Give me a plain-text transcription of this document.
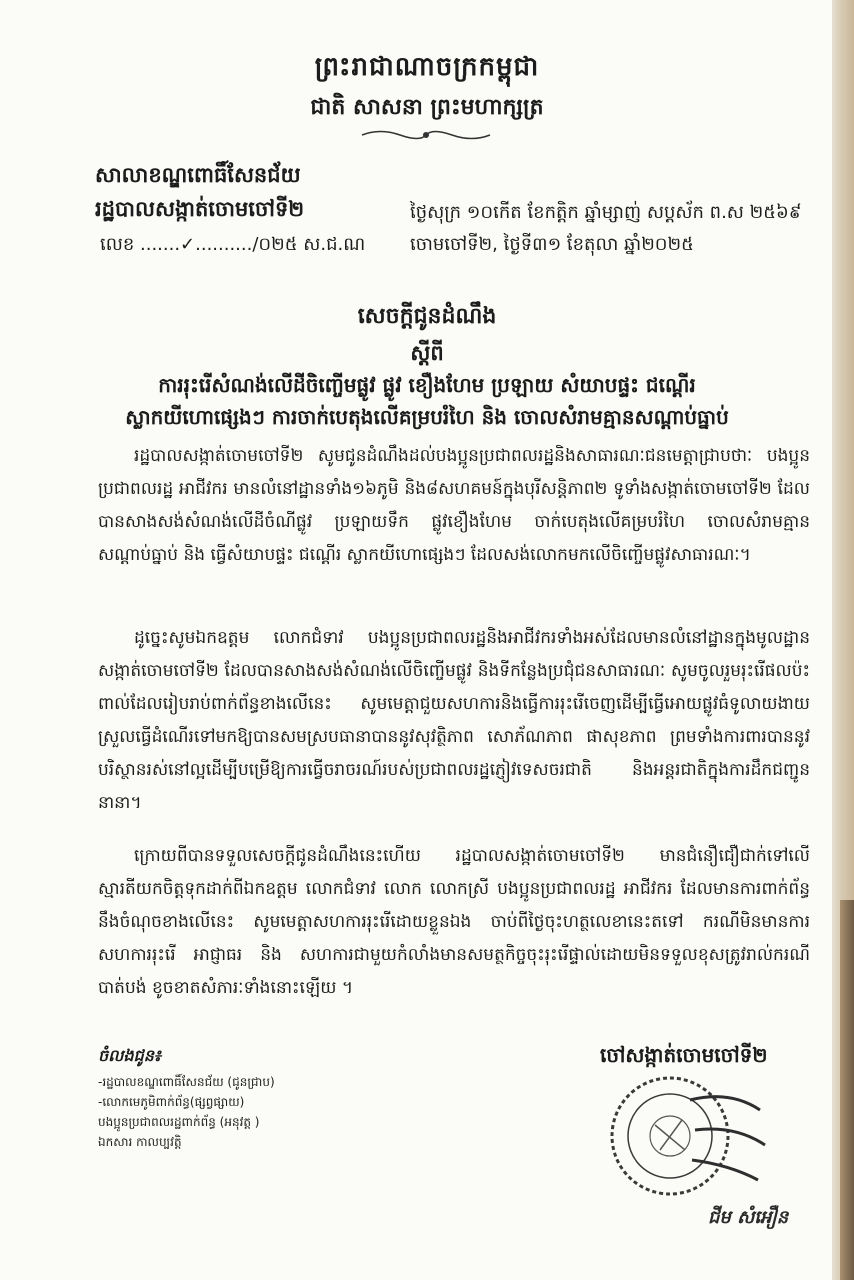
ព្រះរាជាណាចក្រកម្ពុជា
ជាតិ សាសនា ព្រះមហាក្សត្រ
សាលាខណ្ឌពោធិ៍សែនជ័យ
រដ្ឋបាលសង្កាត់ចោមចៅទី២
លេខ .......✓........../០២៥ ស.ជ.ណ
ថ្ងៃសុក្រ ១០កើត ខែកត្ដិក ឆ្នាំម្សាញ់ សប្តស័ក ព.ស ២៥៦៩
ចោមចៅទី២, ថ្ងៃទី៣១ ខែតុលា ឆ្នាំ២០២៥
សេចក្តីជូនដំណឹង
ស្តីពី
ការរុះរើសំណង់លើដីចិញ្ចើមផ្លូវ ផ្លូវ ខឿងហែម ប្រឡាយ សំយាបផ្ទះ ជណ្តើរ
ស្លាកយីហោផ្សេងៗ ការចាក់បេតុងលើគម្របរំហៃ និង ចោលសំរាមគ្មានសណ្តាប់ធ្នាប់
រដ្ឋបាលសង្កាត់ចោមចៅទី២ សូមជូនដំណឹងដល់បងប្អូនប្រជាពលរដ្ឋនិងសាធារណៈជនមេត្តាជ្រាបថាៈ បងប្អូនប្រជាពលរដ្ឋ អាជីវករ មានលំនៅដ្ឋានទាំង១៦ភូមិ និង៨សហគមន៍ក្នុងបុរីសន្តិភាព២ ទូទាំងសង្កាត់ចោមចៅទី២ ដែលបានសាងសង់សំណង់លើដីចំណីផ្លូវ ប្រឡាយទឹក ផ្លូវខឿងហែម ចាក់បេតុងលើគម្របរំហៃ ចោលសំរាមគ្មានសណ្តាប់ធ្នាប់ និង ធ្វើសំយាបផ្ទះ ជណ្តើរ ស្លាកយីហោផ្សេងៗ ដែលសង់លោកមកលើចិញ្ចើមផ្លូវសាធារណៈ។
ដូច្នេះសូមឯកឧត្តម លោកជំទាវ បងប្អូនប្រជាពលរដ្ឋនិងអាជីវករទាំងអស់ដែលមានលំនៅដ្ឋានក្នុងមូលដ្ឋានសង្កាត់ចោមចៅទី២ ដែលបានសាងសង់សំណង់លើចិញ្ចើមផ្លូវ និងទីកន្លែងប្រជុំជនសាធារណៈ សូមចូលរួមរុះរើផលប៉ះពាល់ដែលរៀបរាប់ពាក់ព័ន្ធខាងលើនេះ សូមមេត្តាជួយសហការនិងធ្វើការរុះរើចេញដើម្បីធ្វើអោយផ្លូវធំទូលាយងាយស្រួលធ្វើដំណើរទៅមកឱ្យបានសមស្របធានាបាននូវសុវត្ថិភាព សោភ័ណភាព ផាសុខភាព ព្រមទាំងការពារបាននូវបរិស្ថានរស់នៅល្អដើម្បីបម្រើឱ្យការធ្វើចរាចរណ៍របស់ប្រជាពលរដ្ឋភ្ញៀវទេសចរជាតិ និងអន្តរជាតិក្នុងការដឹកជញ្ជូននានា។
ក្រោយពីបានទទួលសេចក្តីជូនដំណឹងនេះហើយ រដ្ឋបាលសង្កាត់ចោមចៅទី២ មានជំនឿជឿជាក់ទៅលើស្មារតីយកចិត្តទុកដាក់ពីឯកឧត្តម លោកជំទាវ លោក លោកស្រី បងប្អូនប្រជាពលរដ្ឋ អាជីវករ ដែលមានការពាក់ព័ន្ធនឹងចំណុចខាងលើនេះ សូមមេត្តាសហការរុះរើដោយខ្លួនឯង ចាប់ពីថ្ងៃចុះហត្ថលេខានេះតទៅ ករណីមិនមានការសហការរុះរើ អាជ្ញាធរ និង សហការជាមួយកំលាំងមានសមត្ថកិច្ចចុះរុះរើផ្ទាល់ដោយមិនទទួលខុសត្រូវរាល់ករណីបាត់បង់ ខូចខាតសំភារៈទាំងនោះឡើយ ។
ចំលងជូន៖
-រដ្ឋបាលខណ្ឌពោធិ៍សែនជ័យ (ជូនជ្រាប)
-លោកមេភូមិពាក់ព័ន្ធ(ផ្សព្វផ្សាយ)
បងប្អូនប្រជាពលរដ្ឋពាក់ព័ន្ធ (អនុវត្ត )
ឯកសារ កាលប្បវត្តិ
ចៅសង្កាត់ចោមចៅទី២
ជីម សំអឿន
